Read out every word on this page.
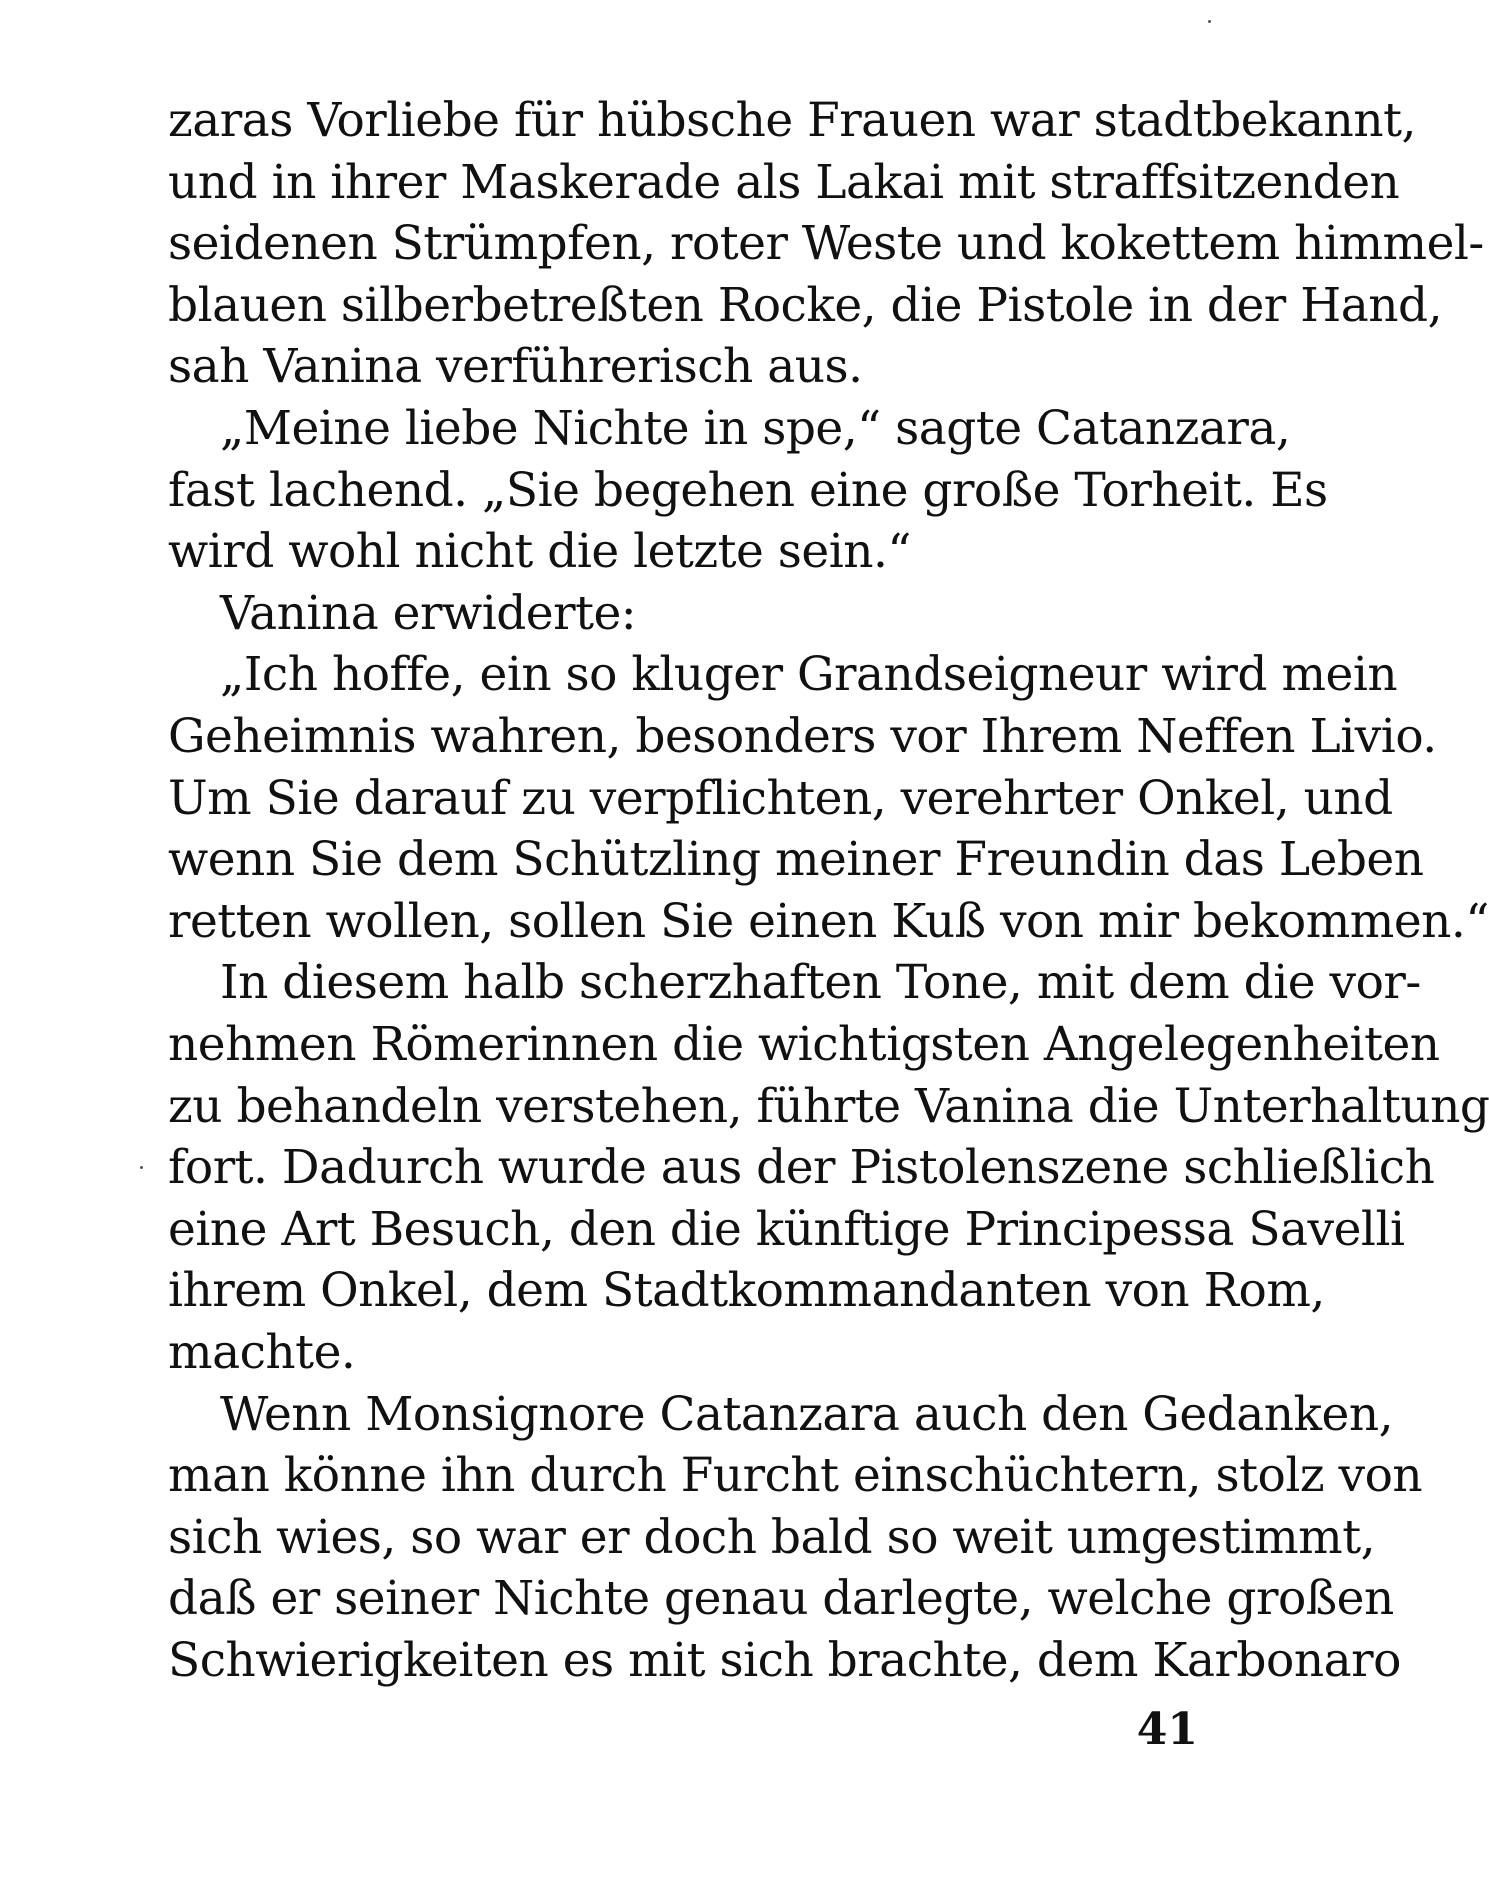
zaras Vorliebe für hübsche Frauen war stadtbekannt,
und in ihrer Maskerade als Lakai mit straffsitzenden
seidenen Strümpfen, roter Weste und kokettem himmel-
blauen silberbetreßten Rocke, die Pistole in der Hand,
sah Vanina verführerisch aus.
„Meine liebe Nichte in spe,“ sagte Catanzara,
fast lachend. „Sie begehen eine große Torheit. Es
wird wohl nicht die letzte sein.“
Vanina erwiderte:
„Ich hoffe, ein so kluger Grandseigneur wird mein
Geheimnis wahren, besonders vor Ihrem Neffen Livio.
Um Sie darauf zu verpflichten, verehrter Onkel, und
wenn Sie dem Schützling meiner Freundin das Leben
retten wollen, sollen Sie einen Kuß von mir bekommen.“
In diesem halb scherzhaften Tone, mit dem die vor-
nehmen Römerinnen die wichtigsten Angelegenheiten
zu behandeln verstehen, führte Vanina die Unterhaltung
fort. Dadurch wurde aus der Pistolenszene schließlich
eine Art Besuch, den die künftige Principessa Savelli
ihrem Onkel, dem Stadtkommandanten von Rom,
machte.
Wenn Monsignore Catanzara auch den Gedanken,
man könne ihn durch Furcht einschüchtern, stolz von
sich wies, so war er doch bald so weit umgestimmt,
daß er seiner Nichte genau darlegte, welche großen
Schwierigkeiten es mit sich brachte, dem Karbonaro
41
